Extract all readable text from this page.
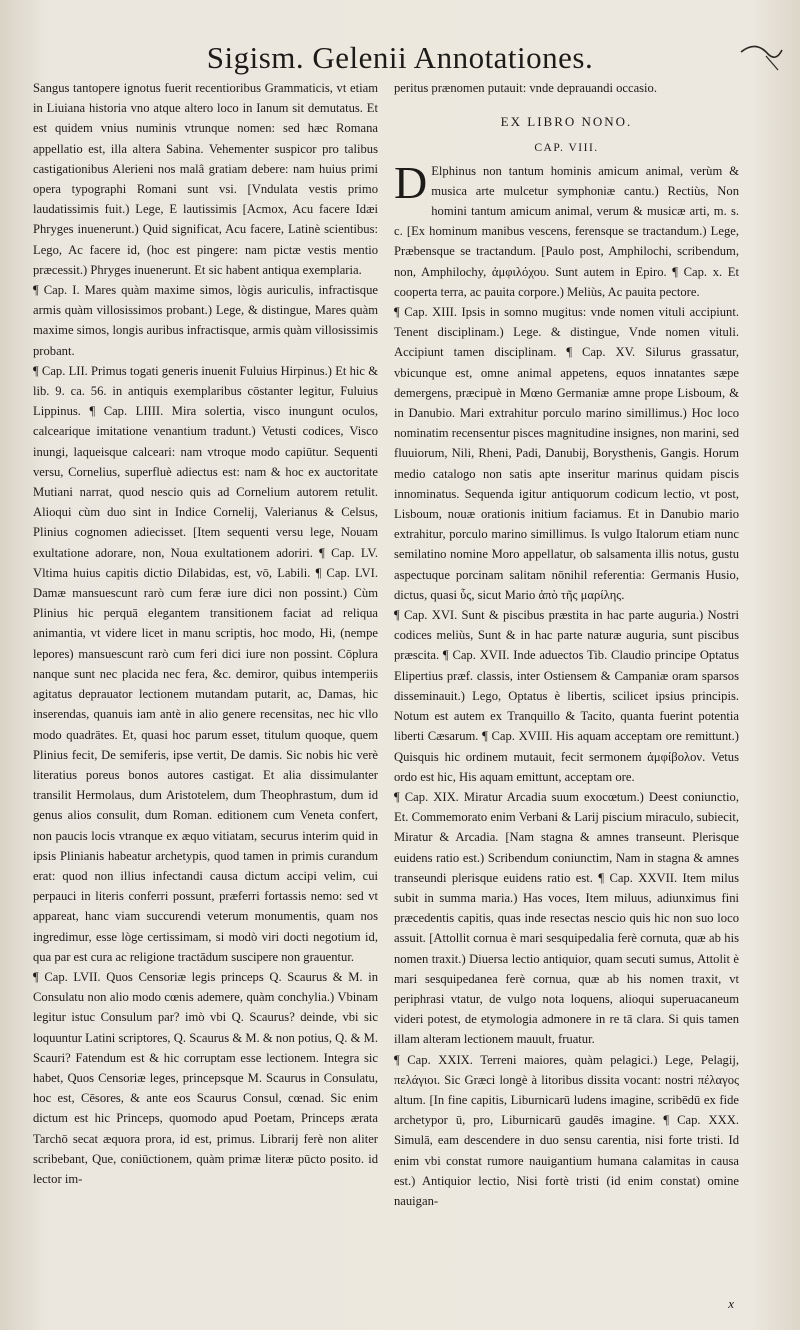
Sigism. Gelenii Annotationes.

Sangus tantopere ignotus fuerit recentioribus Grammaticis, vt etiam in Liuiana historia vno atque altero loco in Ianum sit demutatus. Et est quidem vnius numinis vtrunque nomen: sed hæc Romana appellatio est, illa altera Sabina. Vehementer suspicor pro talibus castigationibus Alerieni nos malâ gratiam debere: nam huius primi opera typographi Romani sunt vsi. [Vndulata vestis primo laudatissimis fuit.) Lege, E lautissimis [Acmox, Acu facere Idæi Phryges inuenerunt.) Quid significat, Acu facere, Latinè scientibus: Lego, Ac facere id, (hoc est pingere: nam pictæ vestis mentio præcessit.) Phryges inuenerunt. Et sic habent antiqua exemplaria.

¶ Cap. I. Mares quàm maxime simos, lògis auriculis, infractisque armis quàm villosissimos probant.) Lege, & distingue, Mares quàm maxime simos, longis auribus infractisque, armis quàm villosissimis probant.

¶ Cap. LII. Primus togati generis inuenit Fuluius Hirpinus.) Et hic & lib. 9. ca. 56. in antiquis exemplaribus cōstanter legitur, Fuluius Lippinus. ¶ Cap. LIIII. Mira solertia, visco inungunt oculos, calcearique imitatione venantium tradunt.) Vetusti codices, Visco inungi, laqueisque calceari: nam vtroque modo capiūtur. Sequenti versu, Cornelius, superfluè adiectus est: nam & hoc ex auctoritate Mutiani narrat, quod nescio quis ad Cornelium autorem retulit. Alioqui cùm duo sint in Indice Cornelij, Valerianus & Celsus, Plinius cognomen adiecisset. [Item sequenti versu lege, Nouam exultatione adorare, non, Noua exultationem adoriri. ¶ Cap. LV. Vltima huius capitis dictio Dilabidas, est, vō, Labili. ¶ Cap. LVI. Damæ mansuescunt rarò cum feræ iure dici non possint.) Cùm Plinius hic perquā elegantem transitionem faciat ad reliqua animantia, vt videre licet in manu scriptis, hoc modo, Hi, (nempe lepores) mansuescunt rarò cum feri dici iure non possint. Cōplura nanque sunt nec placida nec fera, &c. demiror, quibus intemperiis agitatus deprauator lectionem mutandam putarit, ac, Damas, hic inserendas, quanuis iam antè in alio genere recensitas, nec hic vllo modo quadrātes. Et, quasi hoc parum esset, titulum quoque, quem Plinius fecit, De semiferis, ipse vertit, De damis. Sic nobis hic verè literatius poreus bonos autores castigat. Et alia dissimulanter transilit Hermolaus, dum Aristotelem, dum Theophrastum, dum id genus alios consulit, dum Roman. editionem cum Veneta confert, non paucis locis vtranque ex æquo vitiatam, securus interim quid in ipsis Plinianis habeatur archetypis, quod tamen in primis curandum erat: quod non illius infectandi causa dictum accipi velim, cui perpauci in literis conferri possunt, præferri fortassis nemo: sed vt appareat, hanc viam succurendi veterum monumentis, quam nos ingredimur, esse lòge certissimam, si modò viri docti negotium id, qua par est cura ac religione tractādum suscipere non grauentur.

¶ Cap. LVII. Quos Censoriæ legis princeps Q. Scaurus & M. in Consulatu non alio modo cœnis ademere, quàm conchylia.) Vbinam legitur istuc Consulum par? imò vbi Q. Scaurus? deinde, vbi sic loquuntur Latini scriptores, Q. Scaurus & M. & non potius, Q. & M. Scauri? Fatendum est & hic corruptam esse lectionem. Integra sic habet, Quos Censoriæ leges, princepsque M. Scaurus in Consulatu, hoc est, Cēsores, & ante eos Scaurus Consul, cœnad. Sic enim dictum est hic Princeps, quomodo apud Poetam, Princeps ærata Tarchō secat æquora prora, id est, primus. Librarij ferè non aliter scribebant, Que, coniūctionem, quàm primæ literæ pūcto posito. id lector im-

peritus prænomen putauit: vnde deprauandi occasio.

EX LIBRO NONO.
CAP. VIII.

D Elphinus non tantum hominis amicum animal, verùm & musica arte mulcetur symphoniæ cantu.) Rectiùs, Non homini tantum amicum animal, verum & musicæ arti, m. s. c. [Ex hominum manibus vescens, ferensque se tractandum.) Lege, Præbensque se tractandum. [Paulo post, Amphilochi, scribendum, non, Amphilochy, ἀμφιλόχου. Sunt autem in Epiro. ¶ Cap. x. Et cooperta terra, ac pauita corpore.) Meliùs, Ac pauita pectore.

¶ Cap. XIII. Ipsis in somno mugitus: vnde nomen vituli accipiunt. Tenent disciplinam.) Lege. & distingue, Vnde nomen vituli. Accipiunt tamen disciplinam. ¶ Cap. XV. Silurus grassatur, vbicunque est, omne animal appetens, equos innatantes sæpe demergens, præcipuè in Mœno Germaniæ amne prope Lisboum, & in Danubio. Mari extrahitur porculo marino simillimus.) Hoc loco nominatim recensentur pisces magnitudine insignes, non marini, sed fluuiorum, Nili, Rheni, Padi, Danubij, Borysthenis, Gangis. Horum medio catalogo non satis apte inseritur marinus quidam piscis innominatus. Sequenda igitur antiquorum codicum lectio, vt post, Lisboum, nouæ orationis initium faciamus. Et in Danubio mario extrahitur, porculo marino simillimus. Is vulgo Italorum etiam nunc semilatino nomine Moro appellatur, ob salsamenta illis notus, gustu aspectuque porcinam salitam nōnihil referentia: Germanis Husio, dictus, quasi ὗς, sicut Mario ἀπὸ τῆς μαρίλης.

¶ Cap. XVI. Sunt & piscibus præstita in hac parte auguria.) Nostri codices meliùs, Sunt & in hac parte naturæ auguria, sunt piscibus præscita. ¶ Cap. XVII. Inde aduectos Tib. Claudio principe Optatus Elipertius præf. classis, inter Ostiensem & Campaniæ oram sparsos disseminauit.) Lego, Optatus è libertis, scilicet ipsius principis. Notum est autem ex Tranquillo & Tacito, quanta fuerint potentia liberti Cæsarum. ¶ Cap. XVIII. His aquam acceptam ore remittunt.) Quisquis hic ordinem mutauit, fecit sermonem ἀμφίβολον. Vetus ordo est hic, His aquam emittunt, acceptam ore.

¶ Cap. XIX. Miratur Arcadia suum exocœtum.) Deest coniunctio, Et. Commemorato enim Verbani & Larij piscium miraculo, subiecit, Miratur & Arcadia. [Nam stagna & amnes transeunt. Plerisque euidens ratio est.) Scribendum coniunctim, Nam in stagna & amnes transeundi plerisque euidens ratio est. ¶ Cap. XXVII. Item milus subit in summa maria.) Has voces, Item miluus, adiunximus fini præcedentis capitis, quas inde resectas nescio quis hic non suo loco assuit. [Attollit cornua è mari sesquipedalia ferè cornuta, quæ ab his nomen traxit.) Diuersa lectio antiquior, quam secuti sumus, Attolit è mari sesquipedanea ferè cornua, quæ ab his nomen traxit, vt periphrasi vtatur, de vulgo nota loquens, alioqui superuacaneum videri potest, de etymologia admonere in re tā clara. Si quis tamen illam alteram lectionem mauult, fruatur.

¶ Cap. XXIX. Terreni maiores, quàm pelagici.) Lege, Pelagij, πελάγιοι. Sic Græci longè à litoribus dissita vocant: nostri πέλαγος altum. [In fine capitis, Liburnicarū ludens imagine, scribēdū ex fide archetypor ū, pro, Liburnicarū gaudēs imagine. ¶ Cap. XXX. Simulā, eam descendere in duo sensu carentia, nisi forte tristi. Id enim vbi constat rumore nauigantium humana calamitas in causa est.) Antiquior lectio, Nisi fortè tristi (id enim constat) omine nauigan-

x
